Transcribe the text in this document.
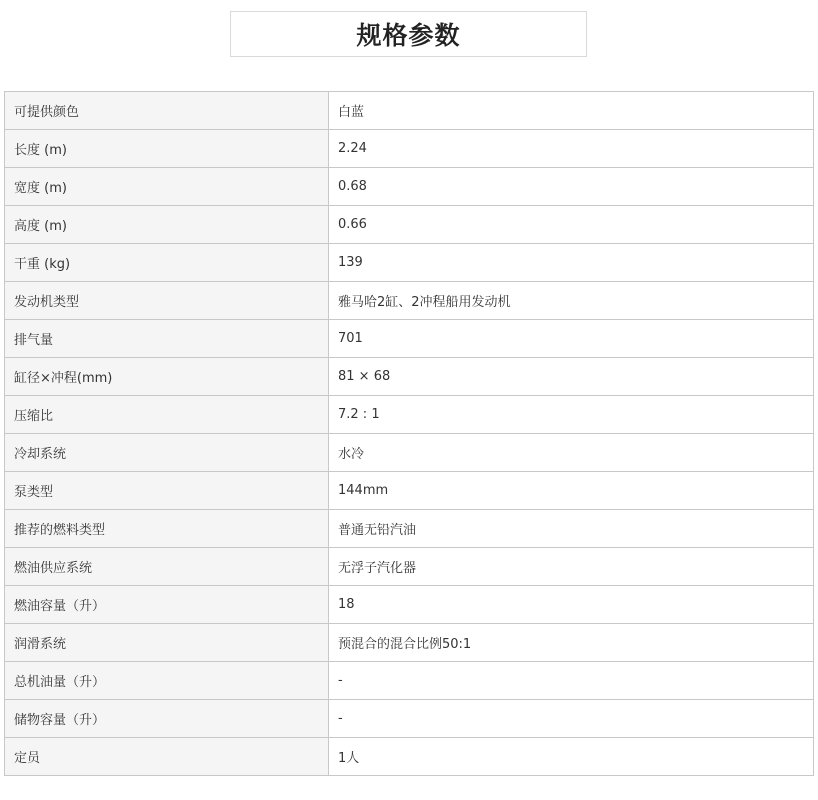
规格参数
可提供颜色	白蓝
长度 (m)	2.24
宽度 (m)	0.68
高度 (m)	0.66
干重 (kg)	139
发动机类型	雅马哈2缸、2冲程船用发动机
排气量	701
缸径×冲程(mm)	81 × 68
压缩比	7.2 : 1
冷却系统	水冷
泵类型	144mm
推荐的燃料类型	普通无铅汽油
燃油供应系统	无浮子汽化器
燃油容量（升）	18
润滑系统	预混合的混合比例50:1
总机油量（升）	-
储物容量（升）	-
定员	1人
